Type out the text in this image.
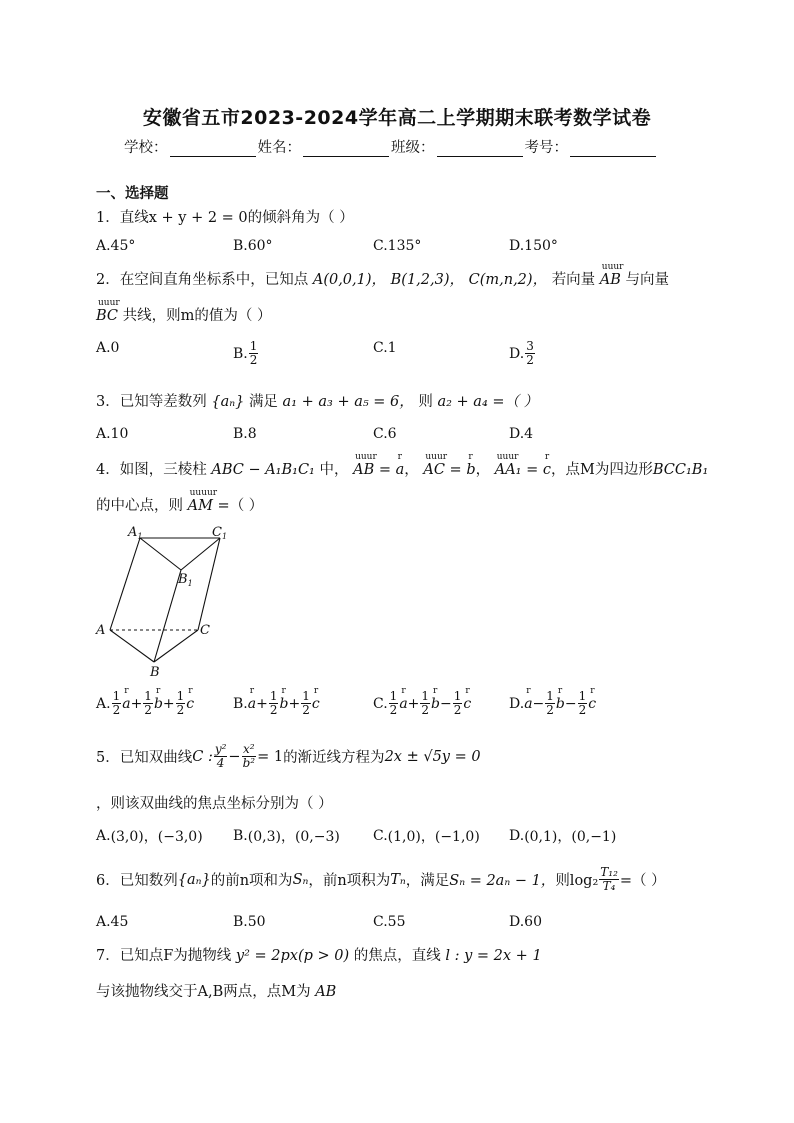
安徽省五市2023-2024学年高二上学期期末联考数学试卷
学校：	姓名：	班级：	考号：
一、选择题
1．直线x + y + 2 = 0的倾斜角为（ ）
A.45°	B.60°	C.135°	D.150°
2．在空间直角坐标系中，已知点 A(0,0,1)， B(1,2,3)， C(m,n,2)， 若向量
uuur
AB 与向量
uuur
BC 共线，则m的值为（ ）
A.0	B. $\frac{1}{2}$	C.1	D. $\frac{3}{2}$
3．已知等差数列 {aₙ} 满足 a₁ + a₃ + a₅ = 6， 则 a₂ + a₄ =（ ）
A.10	B.8	C.6	D.4
4．如图，三棱柱 ABC − A₁B₁C₁ 中，
uuur
AB =
r
a，
uuur
AC =
r
b，
uuur
AA₁ =
r
c，点M为四边形BCC₁B₁
的中心点，则
uuuur
AM =（ ）
$A_1$	$C_1$
$B_1$
A	C
B
A. $\frac{1}{2}$ r
$a + \frac{1}{2}$ r
$b + \frac{1}{2}$ r
c	B.
r
$a + \frac{1}{2}$ r
$b + \frac{1}{2}$ r
c	C. $\frac{1}{2}$ r
$a + \frac{1}{2}$ r
$b - \frac{1}{2}$ r
c	D.
r
$a - \frac{1}{2}$ r
$b - \frac{1}{2}$ r
c
5．已知双曲线 C : $\frac{\text{y²}}{4} - \frac{\text{x²}}{\text{b²}} = 1$ 的渐近线方程为 2x ± √5y = 0
，则该双曲线的焦点坐标分别为（ ）
A. (3,0)，(−3,0) B. (0,3)，(0,−3) C. (1,0)，(−1,0) D. (0,1)，(0,−1)
6．已知数列 {aₙ} 的前n项和为 Sₙ ，前n项积为 Tₙ ，满足 Sₙ = 2aₙ − 1， 则$\log_2 \frac{\text{T₁₂}}{\text{T₄}}$ =（ ）
A.45	B.50	C.55	D.60
7．已知点F为抛物线 y² = 2px(p > 0) 的焦点，直线 l : y = 2x + 1
与该抛物线交于A,B两点，点M为 AB
